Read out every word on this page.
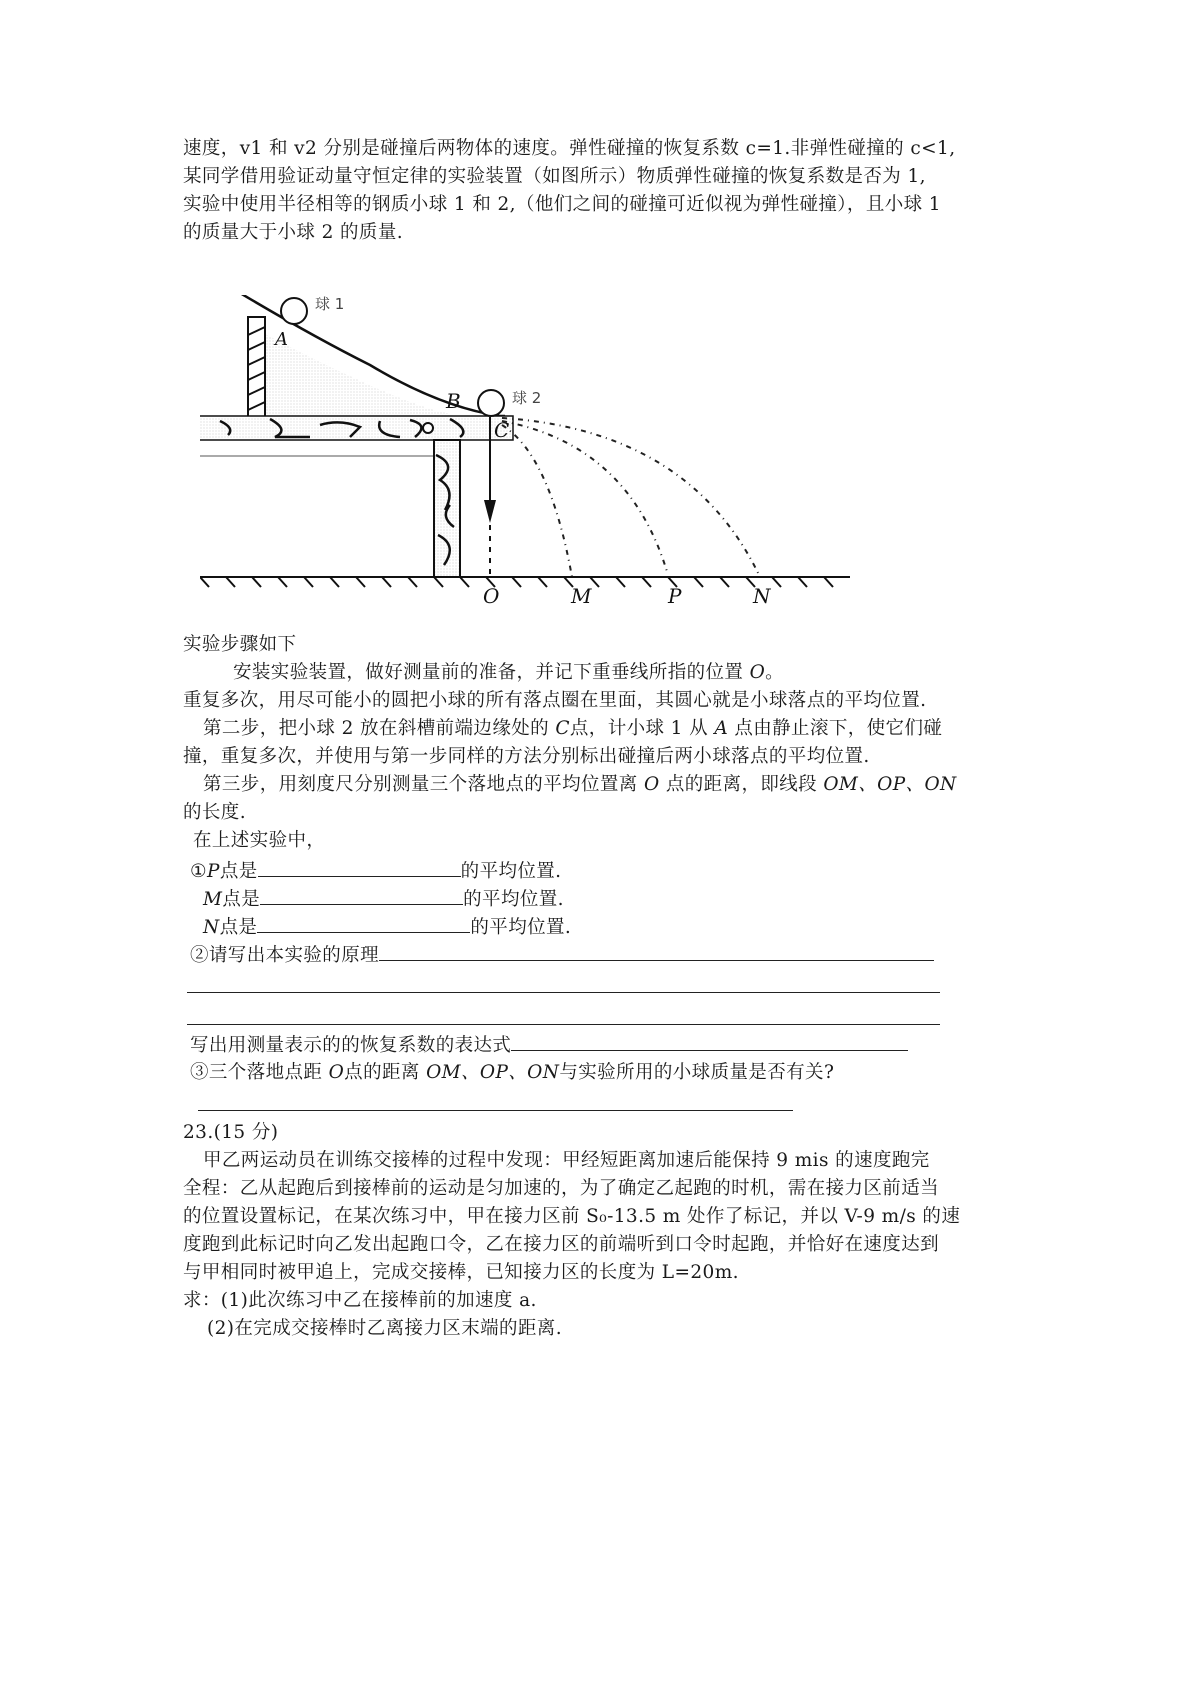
速度，v1 和 v2 分别是碰撞后两物体的速度。弹性碰撞的恢复系数 c=1.非弹性碰撞的 c<1,
某同学借用验证动量守恒定律的实验装置（如图所示）物质弹性碰撞的恢复系数是否为 1,
实验中使用半径相等的钢质小球 1 和 2,（他们之间的碰撞可近似视为弹性碰撞），且小球 1
的质量大于小球 2 的质量.
球 1
A
球 2
B
C
O	M	P	N
实验步骤如下
安装实验装置，做好测量前的准备，并记下重垂线所指的位置 O。
重复多次，用尽可能小的圆把小球的所有落点圈在里面，其圆心就是小球落点的平均位置.
第二步，把小球 2 放在斜槽前端边缘处的 C点，计小球 1 从 A 点由静止滚下，使它们碰
撞，重复多次，并使用与第一步同样的方法分别标出碰撞后两小球落点的平均位置.
第三步，用刻度尺分别测量三个落地点的平均位置离 O 点的距离，即线段 OM、OP、ON
的长度.
在上述实验中，
①P点是	的平均位置.
M点是	的平均位置.
N点是	的平均位置.
②请写出本实验的原理
写出用测量表示的的恢复系数的表达式
③三个落地点距 O点的距离 OM、OP、ON与实验所用的小球质量是否有关?
23.(15 分)
甲乙两运动员在训练交接棒的过程中发现：甲经短距离加速后能保持 9 mis 的速度跑完
全程：乙从起跑后到接棒前的运动是匀加速的，为了确定乙起跑的时机，需在接力区前适当
的位置设置标记，在某次练习中，甲在接力区前 S₀-13.5 m 处作了标记，并以 V-9 m/s 的速
度跑到此标记时向乙发出起跑口令，乙在接力区的前端听到口令时起跑，并恰好在速度达到
与甲相同时被甲追上，完成交接棒，已知接力区的长度为 L=20m.
求：(1)此次练习中乙在接棒前的加速度 a.
(2)在完成交接棒时乙离接力区末端的距离.
